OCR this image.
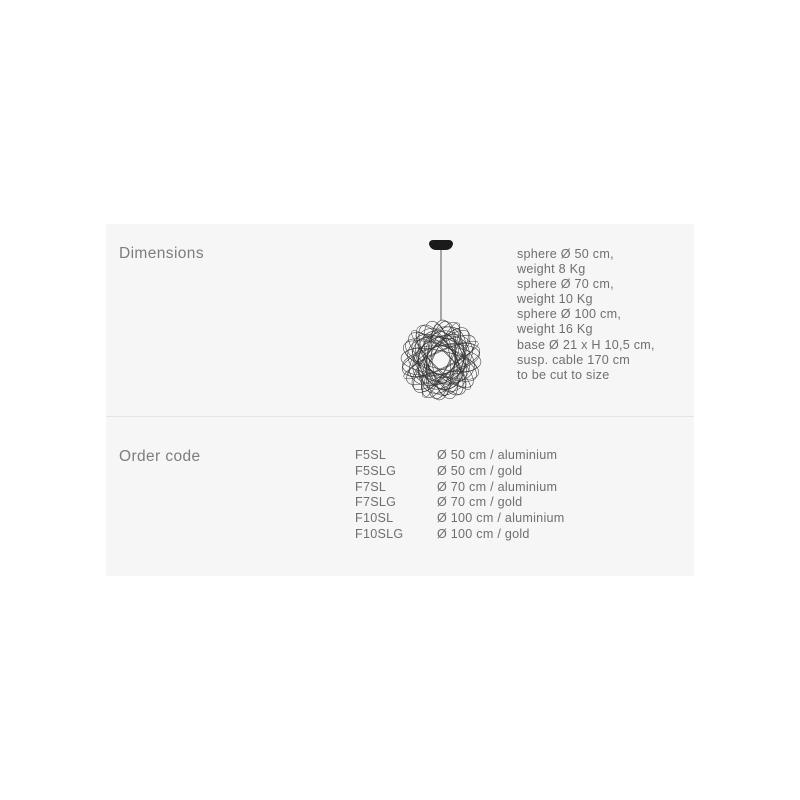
Dimensions	sphere Ø 50 cm,
weight 8 Kg
sphere Ø 70 cm,
weight 10 Kg
sphere Ø 100 cm,
weight 16 Kg
base Ø 21 x H 10,5 cm,
susp. cable 170 cm
to be cut to size
Order code	F5SL	Ø 50 cm / aluminium
F5SLG	Ø 50 cm / gold
F7SL	Ø 70 cm / aluminium
F7SLG	Ø 70 cm / gold
F10SL	Ø 100 cm / aluminium
F10SLG	Ø 100 cm / gold
